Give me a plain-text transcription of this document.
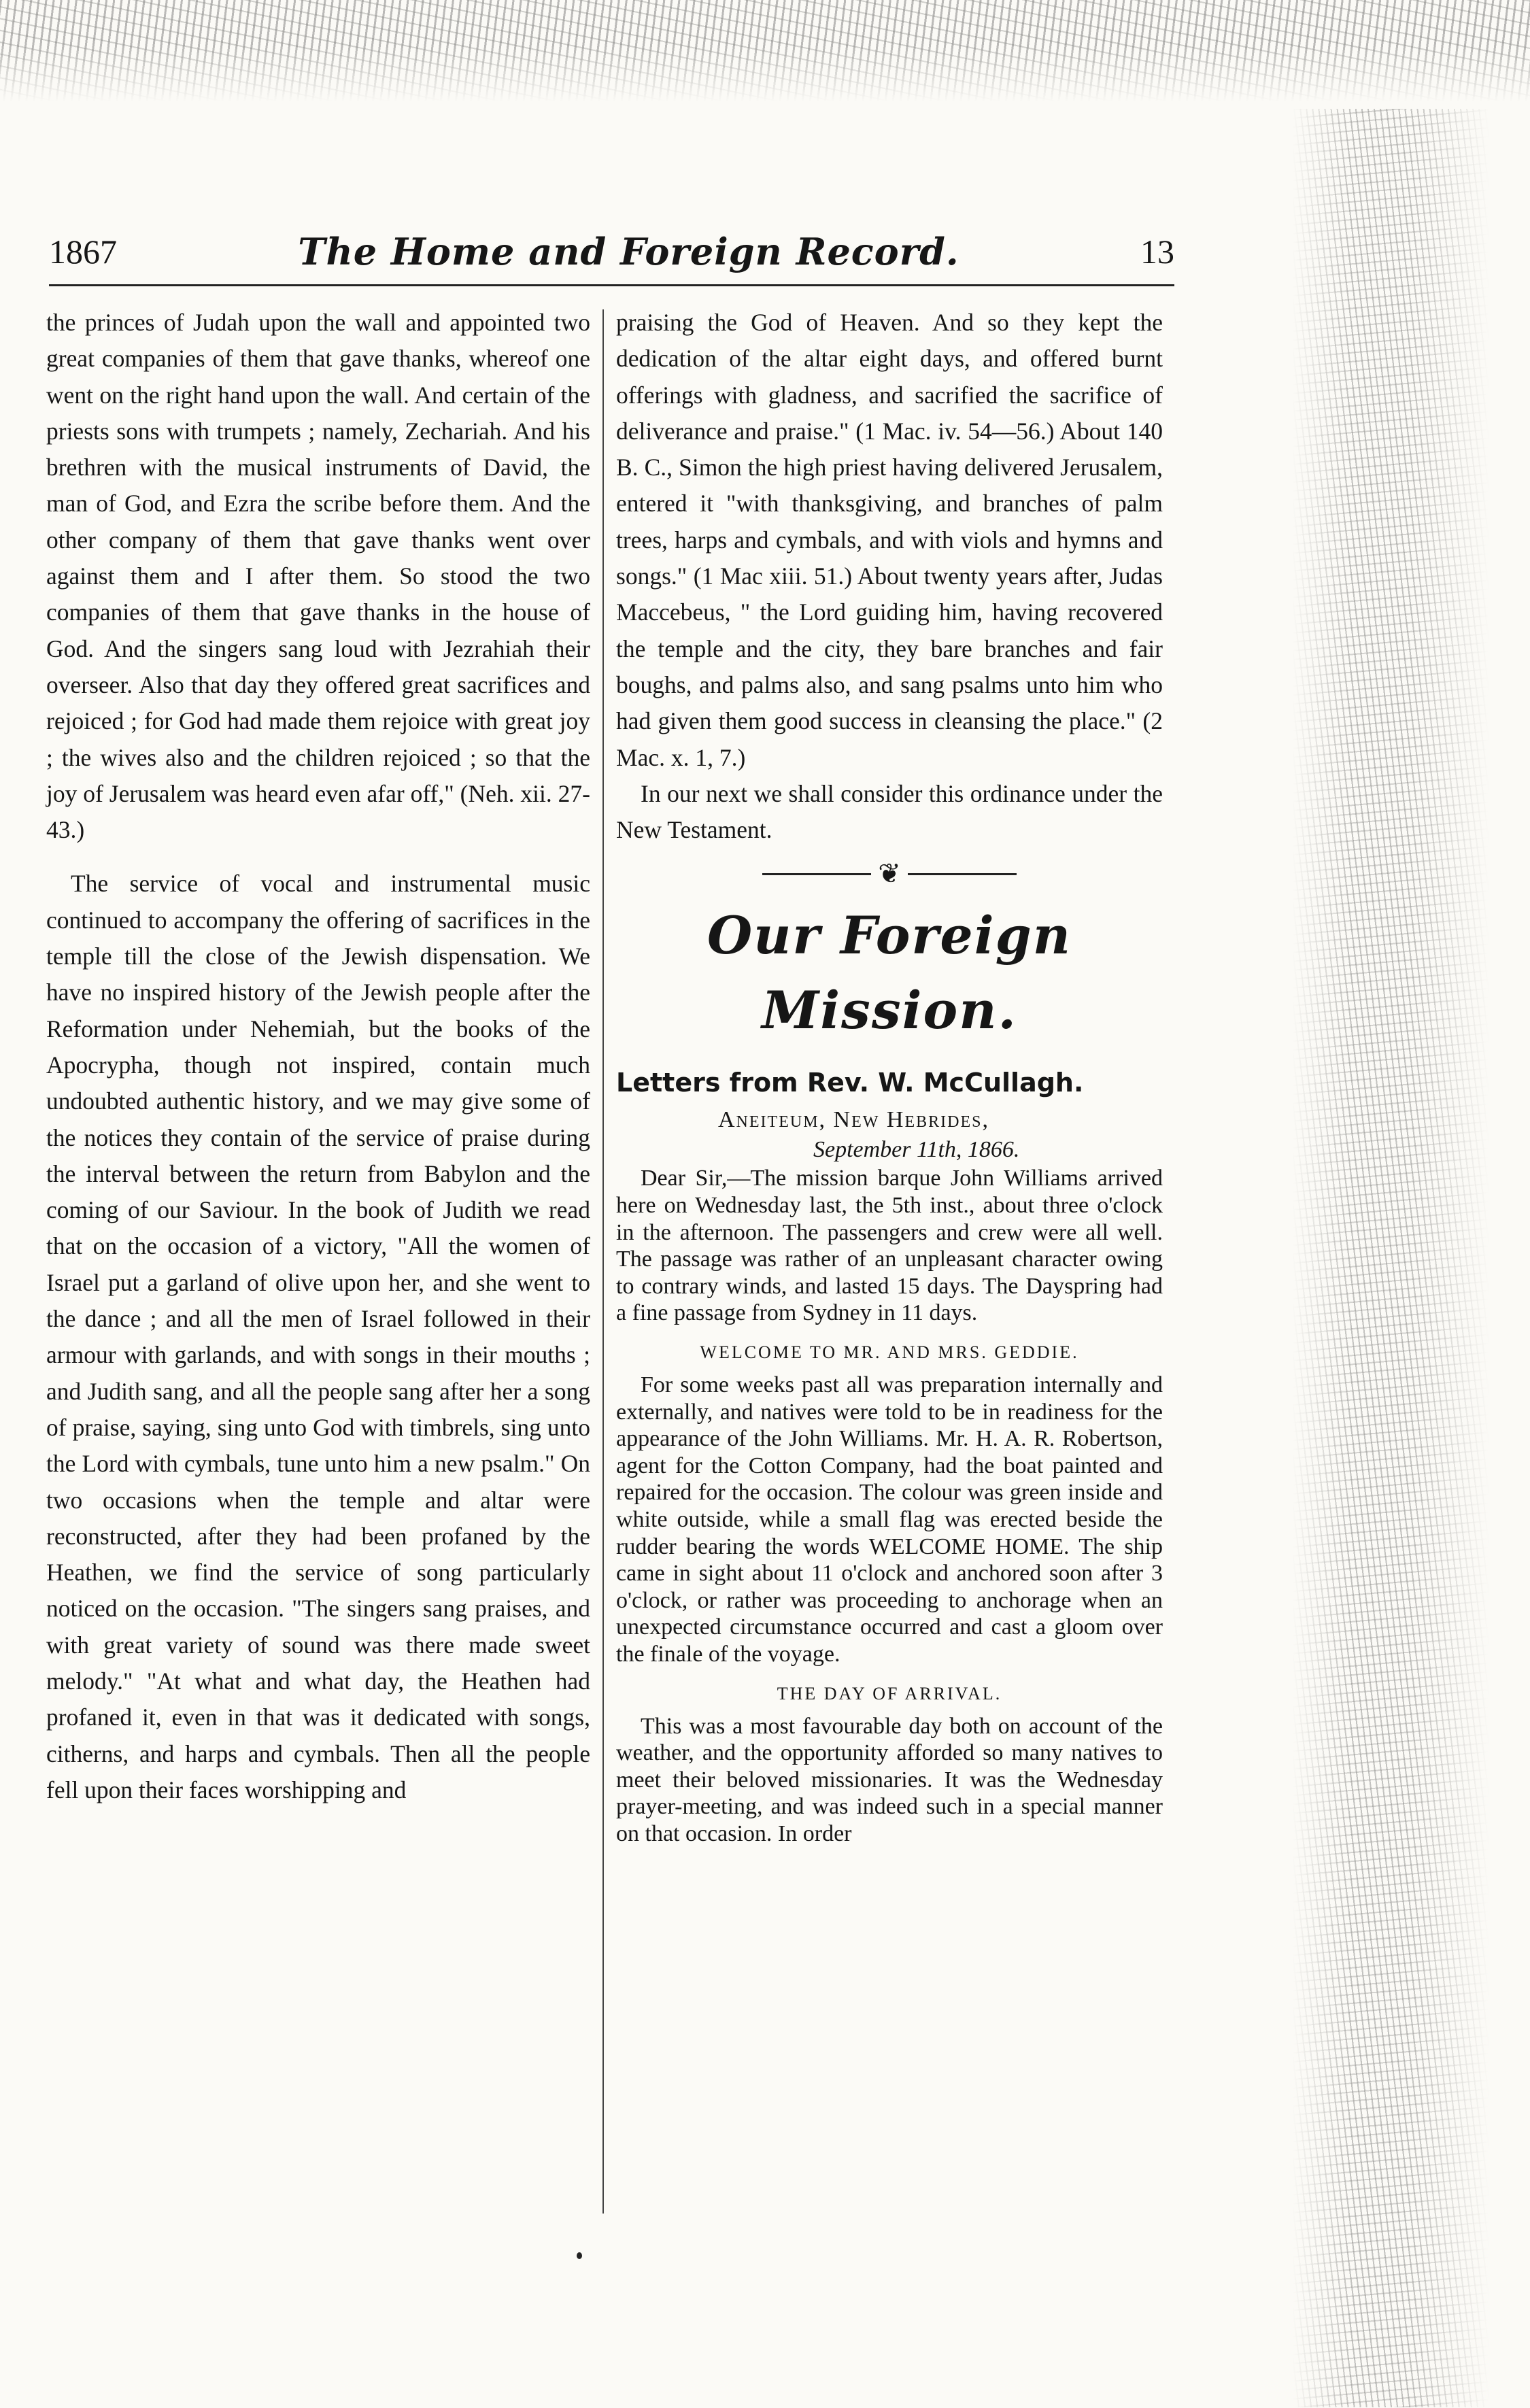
1867	The Home and Foreign Record.	13

the princes of Judah upon the wall and appointed two great companies of them that gave thanks, whereof one went on the right hand upon the wall. And certain of the priests sons with trumpets ; namely, Zechariah. And his brethren with the musical instruments of David, the man of God, and Ezra the scribe before them. And the other company of them that gave thanks went over against them and I after them. So stood the two companies of them that gave thanks in the house of God. And the singers sang loud with Jezrahiah their overseer. Also that day they offered great sacrifices and rejoiced ; for God had made them rejoice with great joy ; the wives also and the children rejoiced ; so that the joy of Jerusalem was heard even afar off," (Neh. xii. 27-43.)

The service of vocal and instrumental music continued to accompany the offering of sacrifices in the temple till the close of the Jewish dispensation. We have no inspired history of the Jewish people after the Reformation under Nehemiah, but the books of the Apocrypha, though not inspired, contain much undoubted authentic history, and we may give some of the notices they contain of the service of praise during the interval between the return from Babylon and the coming of our Saviour. In the book of Judith we read that on the occasion of a victory, "All the women of Israel put a garland of olive upon her, and she went to the dance ; and all the men of Israel followed in their armour with garlands, and with songs in their mouths ; and Judith sang, and all the people sang after her a song of praise, saying, sing unto God with timbrels, sing unto the Lord with cymbals, tune unto him a new psalm." On two occasions when the temple and altar were reconstructed, after they had been profaned by the Heathen, we find the service of song particularly noticed on the occasion. "The singers sang praises, and with great variety of sound was there made sweet melody." "At what and what day, the Heathen had profaned it, even in that was it dedicated with songs, citherns, and harps and cymbals. Then all the people fell upon their faces worshipping and

praising the God of Heaven. And so they kept the dedication of the altar eight days, and offered burnt offerings with gladness, and sacrified the sacrifice of deliverance and praise." (1 Mac. iv. 54—56.) About 140 B. C., Simon the high priest having delivered Jerusalem, entered it "with thanksgiving, and branches of palm trees, harps and cymbals, and with viols and hymns and songs." (1 Mac xiii. 51.) About twenty years after, Judas Maccebeus, " the Lord guiding him, having recovered the temple and the city, they bare branches and fair boughs, and palms also, and sang psalms unto him who had given them good success in cleansing the place." (2 Mac. x. 1, 7.)

In our next we shall consider this ordinance under the New Testament.

❦
Our Foreign Mission.
Letters from Rev. W. McCullagh.
Aneiteum, New Hebrides,
September 11th, 1866.

Dear Sir,—The mission barque John Williams arrived here on Wednesday last, the 5th inst., about three o'clock in the afternoon. The passengers and crew were all well. The passage was rather of an unpleasant character owing to contrary winds, and lasted 15 days. The Dayspring had a fine passage from Sydney in 11 days.

WELCOME TO MR. AND MRS. GEDDIE.

For some weeks past all was preparation internally and externally, and natives were told to be in readiness for the appearance of the John Williams. Mr. H. A. R. Robertson, agent for the Cotton Company, had the boat painted and repaired for the occasion. The colour was green inside and white outside, while a small flag was erected beside the rudder bearing the words WELCOME HOME. The ship came in sight about 11 o'clock and anchored soon after 3 o'clock, or rather was proceeding to anchorage when an unexpected circumstance occurred and cast a gloom over the finale of the voyage.

THE DAY OF ARRIVAL.

This was a most favourable day both on account of the weather, and the opportunity afforded so many natives to meet their beloved missionaries. It was the Wednesday prayer-meeting, and was indeed such in a special manner on that occasion. In order
